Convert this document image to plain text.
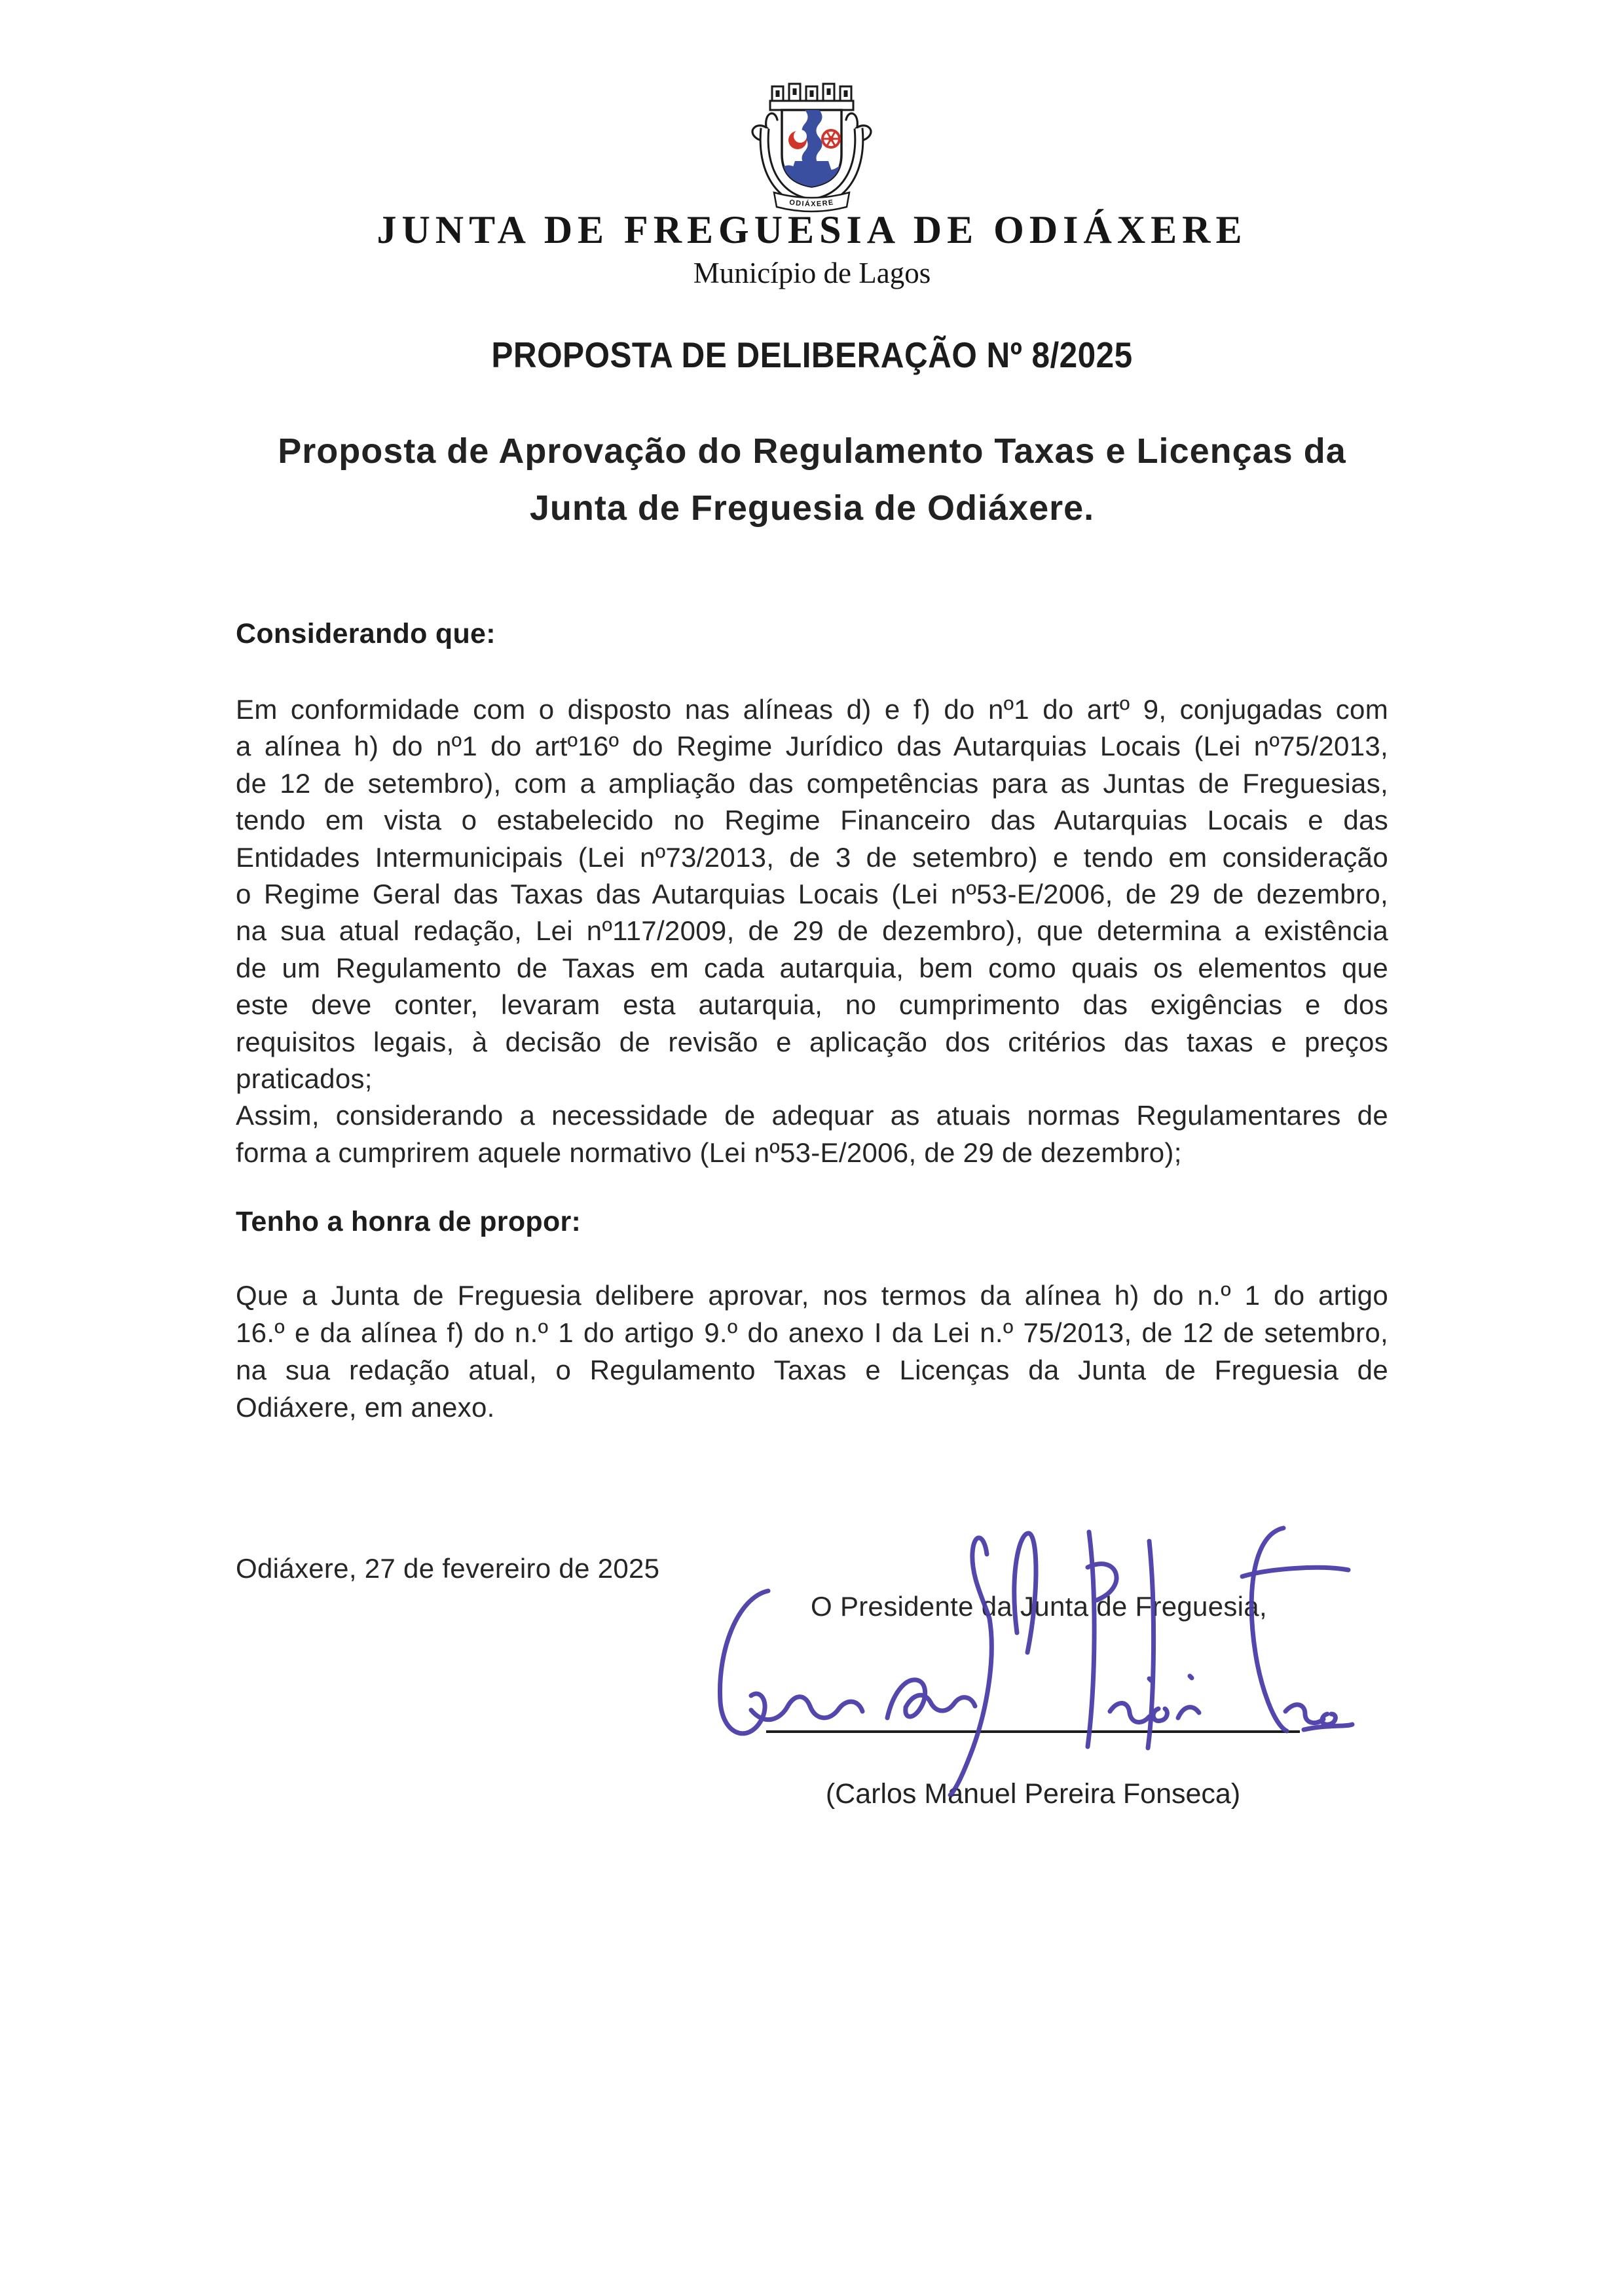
ODIÁXERE
JUNTA DE FREGUESIA DE ODIÁXERE
Município de Lagos
PROPOSTA DE DELIBERAÇÃO Nº 8/2025
Proposta de Aprovação do Regulamento Taxas e Licenças da
Junta de Freguesia de Odiáxere.
Considerando que:
Em conformidade com o disposto nas alíneas d) e f) do nº1 do artº 9, conjugadas com
a alínea h) do nº1 do artº16º do Regime Jurídico das Autarquias Locais (Lei nº75/2013,
de 12 de setembro), com a ampliação das competências para as Juntas de Freguesias,
tendo em vista o estabelecido no Regime Financeiro das Autarquias Locais e das
Entidades Intermunicipais (Lei nº73/2013, de 3 de setembro) e tendo em consideração
o Regime Geral das Taxas das Autarquias Locais (Lei nº53-E/2006, de 29 de dezembro,
na sua atual redação, Lei nº117/2009, de 29 de dezembro), que determina a existência
de um Regulamento de Taxas em cada autarquia, bem como quais os elementos que
este deve conter, levaram esta autarquia, no cumprimento das exigências e dos
requisitos legais, à decisão de revisão e aplicação dos critérios das taxas e preços
praticados;
Assim, considerando a necessidade de adequar as atuais normas Regulamentares de
forma a cumprirem aquele normativo (Lei nº53-E/2006, de 29 de dezembro);
Tenho a honra de propor:
Que a Junta de Freguesia delibere aprovar, nos termos da alínea h) do n.º 1 do artigo
16.º e da alínea f) do n.º 1 do artigo 9.º do anexo I da Lei n.º 75/2013, de 12 de setembro,
na sua redação atual, o Regulamento Taxas e Licenças da Junta de Freguesia de
Odiáxere, em anexo.
Odiáxere, 27 de fevereiro de 2025
O Presidente da Junta de Freguesia,
(Carlos Manuel Pereira Fonseca)
